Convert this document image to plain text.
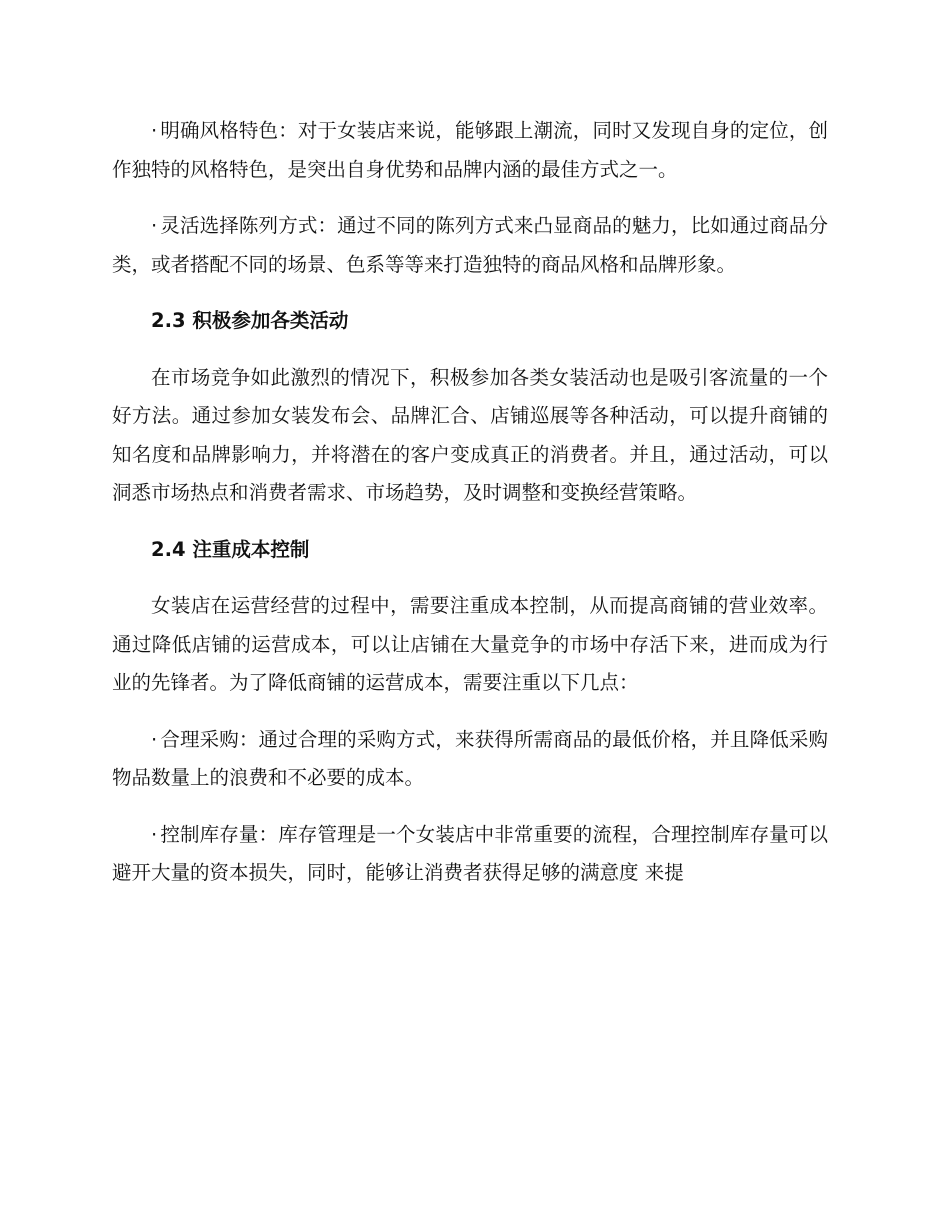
· 明确风格特色：对于女装店来说，能够跟上潮流，同时又发现自身的定位，创作独特的风格特色，是突出自身优势和品牌内涵的最佳方式之一。

· 灵活选择陈列方式：通过不同的陈列方式来凸显商品的魅力，比如通过商品分类，或者搭配不同的场景、色系等等来打造独特的商品风格和品牌形象。

2.3 积极参加各类活动

在市场竞争如此激烈的情况下，积极参加各类女装活动也是吸引客流量的一个好方法。通过参加女装发布会、品牌汇合、店铺巡展等各种活动，可以提升商铺的知名度和品牌影响力，并将潜在的客户变成真正的消费者。并且，通过活动，可以洞悉市场热点和消费者需求、市场趋势，及时调整和变换经营策略。

2.4 注重成本控制

女装店在运营经营的过程中，需要注重成本控制，从而提高商铺的营业效率。通过降低店铺的运营成本，可以让店铺在大量竞争的市场中存活下来，进而成为行业的先锋者。为了降低商铺的运营成本，需要注重以下几点：

· 合理采购：通过合理的采购方式，来获得所需商品的最低价格，并且降低采购物品数量上的浪费和不必要的成本。

· 控制库存量：库存管理是一个女装店中非常重要的流程，合理控制库存量可以避开大量的资本损失，同时，能够让消费者获得足够的满意度 来提
